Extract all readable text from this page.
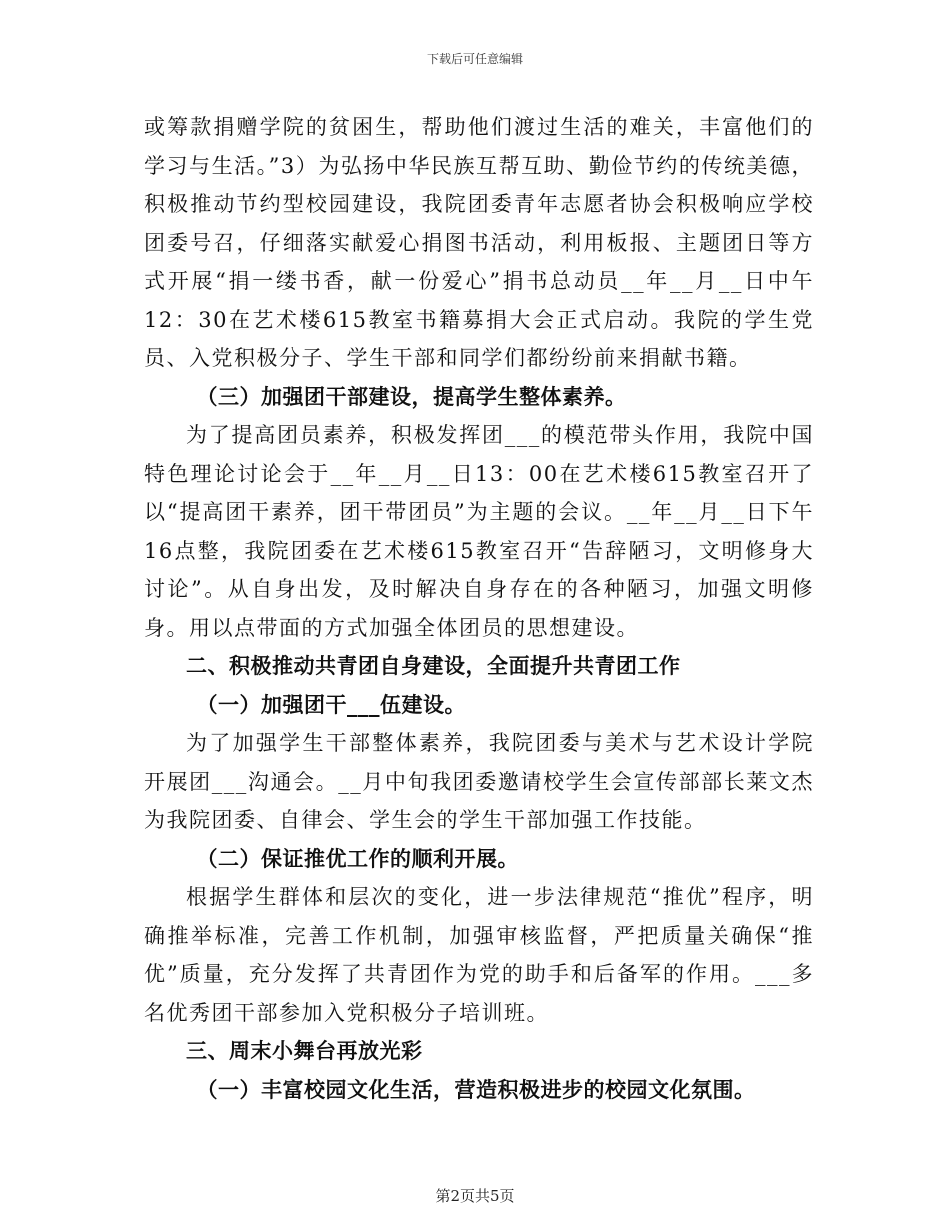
下载后可任意编辑

或筹款捐赠学院的贫困生，帮助他们渡过生活的难关，丰富他们的学习与生活。”3）为弘扬中华民族互帮互助、勤俭节约的传统美德，积极推动节约型校园建设，我院团委青年志愿者协会积极响应学校团委号召，仔细落实献爱心捐图书活动，利用板报、主题团日等方式开展“捐一缕书香，献一份爱心”捐书总动员__年__月__日中午12：30在艺术楼615教室书籍募捐大会正式启动。我院的学生党员、入党积极分子、学生干部和同学们都纷纷前来捐献书籍。

（三）加强团干部建设，提高学生整体素养。

为了提高团员素养，积极发挥团___的模范带头作用，我院中国特色理论讨论会于__年__月__日13：00在艺术楼615教室召开了以“提高团干素养，团干带团员”为主题的会议。__年__月__日下午16点整，我院团委在艺术楼615教室召开“告辞陋习，文明修身大讨论”。从自身出发，及时解决自身存在的各种陋习，加强文明修身。用以点带面的方式加强全体团员的思想建设。

二、积极推动共青团自身建设，全面提升共青团工作

（一）加强团干___伍建设。

为了加强学生干部整体素养，我院团委与美术与艺术设计学院开展团___沟通会。__月中旬我团委邀请校学生会宣传部部长莱文杰为我院团委、自律会、学生会的学生干部加强工作技能。

（二）保证推优工作的顺利开展。

根据学生群体和层次的变化，进一步法律规范“推优”程序，明确推举标准，完善工作机制，加强审核监督，严把质量关确保“推优”质量，充分发挥了共青团作为党的助手和后备军的作用。___多名优秀团干部参加入党积极分子培训班。

三、周末小舞台再放光彩

（一）丰富校园文化生活，营造积极进步的校园文化氛围。

第2页共5页
